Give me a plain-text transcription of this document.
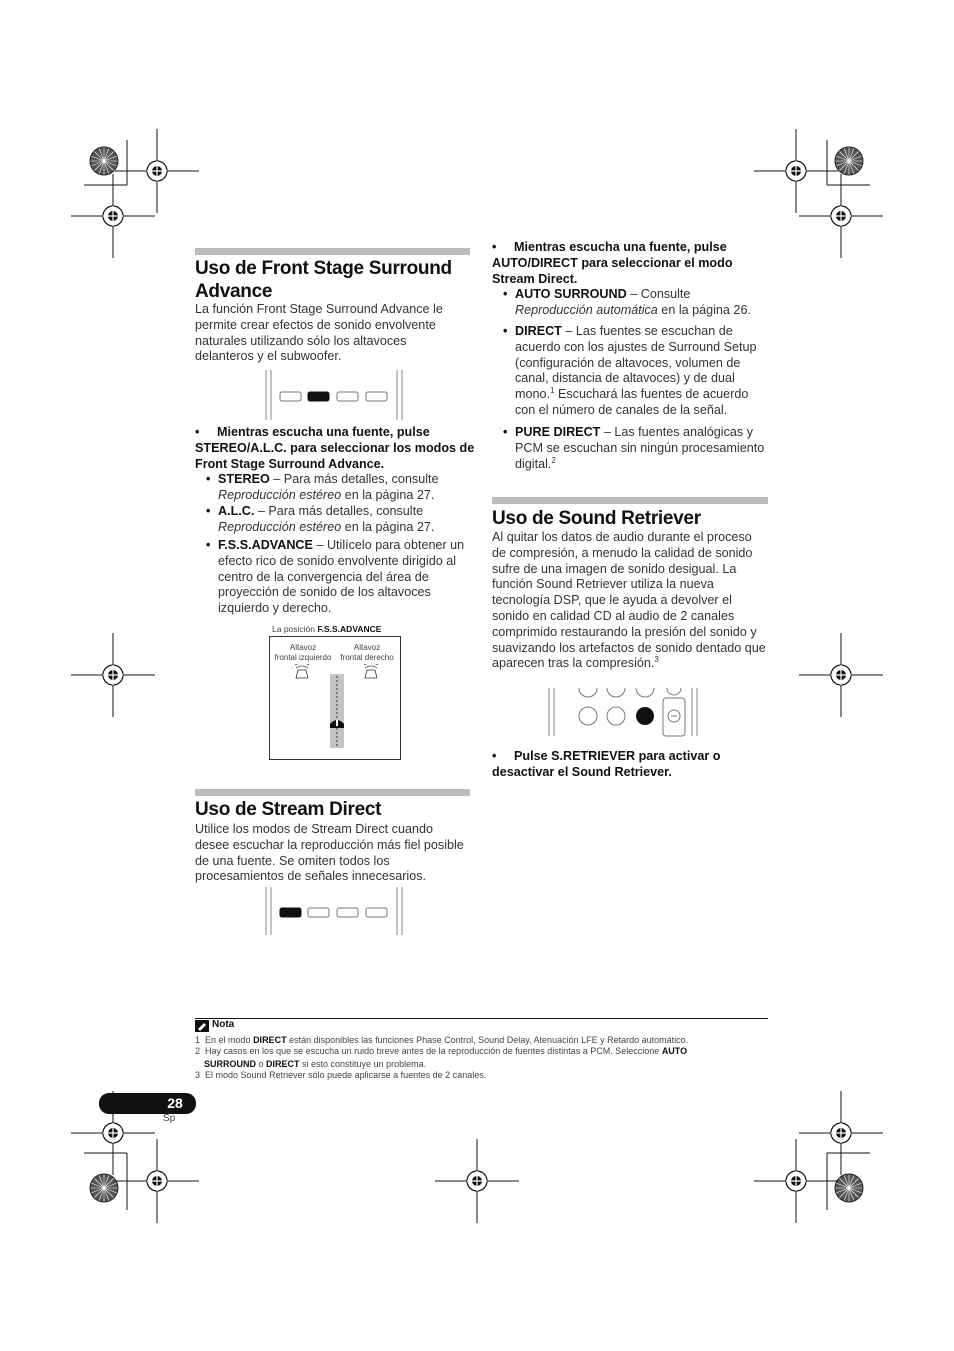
Uso de Front Stage Surround
Advance

La función Front Stage Surround Advance le permite crear efectos de sonido envolvente naturales utilizando sólo los altavoces delanteros y el subwoofer.

• Mientras escucha una fuente, pulse STEREO/A.L.C. para seleccionar los modos de Front Stage Surround Advance.
• STEREO – Para más detalles, consulte Reproducción estéreo en la página 27.
• A.L.C. – Para más detalles, consulte Reproducción estéreo en la página 27.
• F.S.S.ADVANCE – Utilícelo para obtener un efecto rico de sonido envolvente dirigido al centro de la convergencia del área de proyección de sonido de los altavoces izquierdo y derecho.
La posición F.S.S.ADVANCE
Altavoz
frontal izquierdo
Altavoz
frontal derecho
Uso de Stream Direct

Utilice los modos de Stream Direct cuando desee escuchar la reproducción más fiel posible de una fuente. Se omiten todos los procesamientos de señales innecesarios.

• Mientras escucha una fuente, pulse AUTO/DIRECT para seleccionar el modo Stream Direct.
• AUTO SURROUND – Consulte Reproducción automática en la página 26.
• DIRECT – Las fuentes se escuchan de acuerdo con los ajustes de Surround Setup (configuración de altavoces, volumen de canal, distancia de altavoces) y de dual mono.$^1$ Escuchará las fuentes de acuerdo con el número de canales de la señal.
• PURE DIRECT – Las fuentes analógicas y PCM se escuchan sin ningún procesamiento digital.$^2$
Uso de Sound Retriever

Al quitar los datos de audio durante el proceso de compresión, a menudo la calidad de sonido sufre de una imagen de sonido desigual. La función Sound Retriever utiliza la nueva tecnología DSP, que le ayuda a devolver el sonido en calidad CD al audio de 2 canales comprimido restaurando la presión del sonido y suavizando los artefactos de sonido dentado que aparecen tras la compresión.$^3$

• Pulse S.RETRIEVER para activar o desactivar el Sound Retriever.
Nota
1 En el modo DIRECT están disponibles las funciones Phase Control, Sound Delay, Atenuación LFE y Retardo automático.
2 Hay casos en los que se escucha un ruido breve antes de la reproducción de fuentes distintas a PCM. Seleccione AUTO
SURROUND o DIRECT si esto constituye un problema.
3 El modo Sound Retriever sólo puede aplicarse a fuentes de 2 canales.
28
Sp
